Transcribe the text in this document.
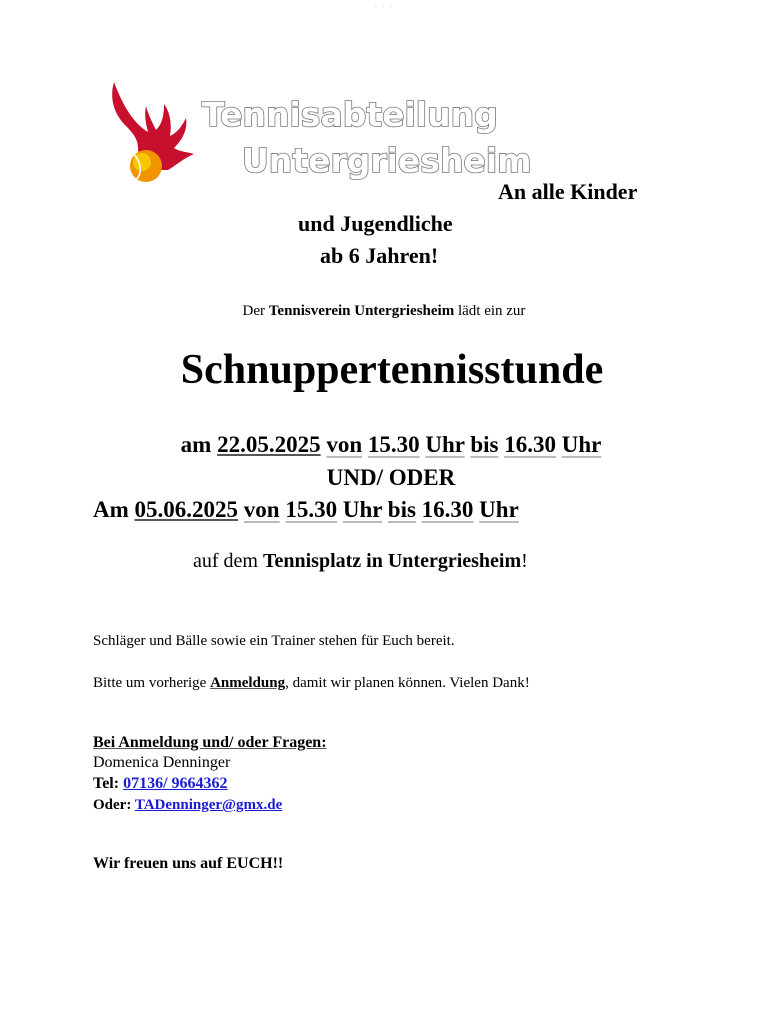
· · ·
Tennisabteilung
Untergriesheim
An alle Kinder
und Jugendliche
ab 6 Jahren!
Der Tennisverein Untergriesheim lädt ein zur
Schnuppertennisstunde
am 22.05.2025 von 15.30 Uhr bis 16.30 Uhr
UND/ ODER
Am 05.06.2025 von 15.30 Uhr bis 16.30 Uhr
auf dem Tennisplatz in Untergriesheim!
Schläger und Bälle sowie ein Trainer stehen für Euch bereit.
Bitte um vorherige Anmeldung, damit wir planen können. Vielen Dank!
Bei Anmeldung und/ oder Fragen:
Domenica Denninger
Tel: 07136/ 9664362
Oder: TADenninger@gmx.de
Wir freuen uns auf EUCH!!
